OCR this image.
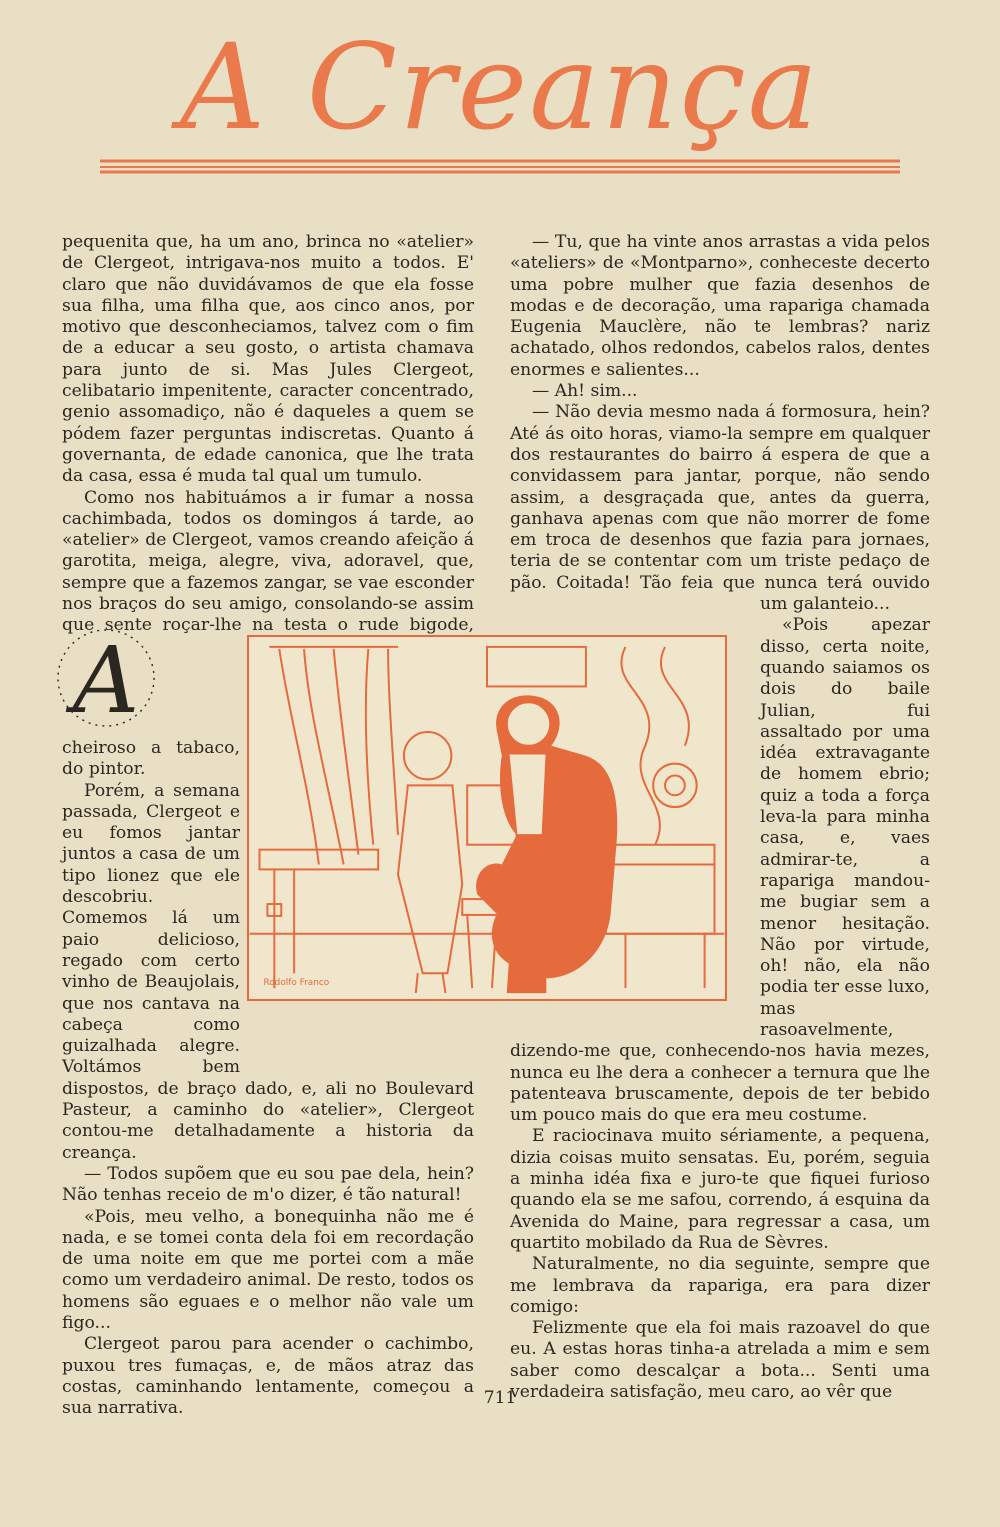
A Creança
A

pequenita que, ha um ano, brinca no «atelier» de Clergeot, intrigava-nos muito a todos. E' claro que não duvidávamos de que ela fosse sua filha, uma filha que, aos cinco anos, por motivo que desconheciamos, talvez com o fim de a educar a seu gosto, o artista chamava para junto de si. Mas Jules Clergeot, celibatario impenitente, caracter concentrado, genio assomadiço, não é daqueles a quem se pódem fazer perguntas indiscretas. Quanto á governanta, de edade canonica, que lhe trata da casa, essa é muda tal qual um tumulo.

Como nos habituámos a ir fumar a nossa cachimbada, todos os domingos á tarde, ao «atelier» de Clergeot, vamos creando afeição á garotita, meiga, alegre, viva, adoravel, que, sempre que a fazemos zangar, se vae esconder nos braços do seu amigo, consolando-se assim que sente roçar-lhe na testa o rude bigode, cheiroso a tabaco, do pintor.

Porém, a semana passada, Clergeot e eu fomos jantar juntos a casa de um tipo lionez que ele descobriu. Comemos lá um paio delicioso, regado com certo vinho de Beaujolais, que nos cantava na cabeça como guizalhada alegre. Voltámos bem dispostos, de braço dado, e, ali no Boulevard Pasteur, a caminho do «atelier», Clergeot contou-me detalhadamente a historia da creança.

— Todos supõem que eu sou pae dela, hein? Não tenhas receio de m'o dizer, é tão natural!

«Pois, meu velho, a bonequinha não me é nada, e se tomei conta dela foi em recordação de uma noite em que me portei com a mãe como um verdadeiro animal. De resto, todos os homens são eguaes e o melhor não vale um figo...

Clergeot parou para acender o cachimbo, puxou tres fumaças, e, de mãos atraz das costas, caminhando lentamente, começou a sua narrativa.

— Tu, que ha vinte anos arrastas a vida pelos «ateliers» de «Montparno», conheceste decerto uma pobre mulher que fazia desenhos de modas e de decoração, uma rapariga chamada Eugenia Mauclère, não te lembras? nariz achatado, olhos redondos, cabelos ralos, dentes enormes e salientes...

— Ah! sim...

— Não devia mesmo nada á formosura, hein? Até ás oito horas, viamo-la sempre em qualquer dos restaurantes do bairro á espera de que a convidassem para jantar, porque, não sendo assim, a desgraçada que, antes da guerra, ganhava apenas com que não morrer de fome em troca de desenhos que fazia para jornaes, teria de se contentar com um triste pedaço de pão. Coitada! Tão feia que nunca terá ouvido um galanteio...

«Pois apezar disso, certa noite, quando saiamos os dois do baile Julian, fui assaltado por uma idéa extravagante de homem ebrio; quiz a toda a força leva-la para minha casa, e, vaes admirar-te, a rapariga mandou-me bugiar sem a menor hesitação. Não por virtude, oh! não, ela não podia ter esse luxo, mas rasoavelmente, dizendo-me que, conhecendo-nos havia mezes, nunca eu lhe dera a conhecer a ternura que lhe patenteava bruscamente, depois de ter bebido um pouco mais do que era meu costume.

E raciocinava muito sériamente, a pequena, dizia coisas muito sensatas. Eu, porém, seguia a minha idéa fixa e juro-te que fiquei furioso quando ela se me safou, correndo, á esquina da Avenida do Maine, para regressar a casa, um quartito mobilado da Rua de Sèvres.

Naturalmente, no dia seguinte, sempre que me lembrava da rapariga, era para dizer comigo:

Felizmente que ela foi mais razoavel do que eu. A estas horas tinha-a atrelada a mim e sem saber como descalçar a bota... Senti uma verdadeira satisfação, meu caro, ao vêr que

Rodolfo Franco
711
